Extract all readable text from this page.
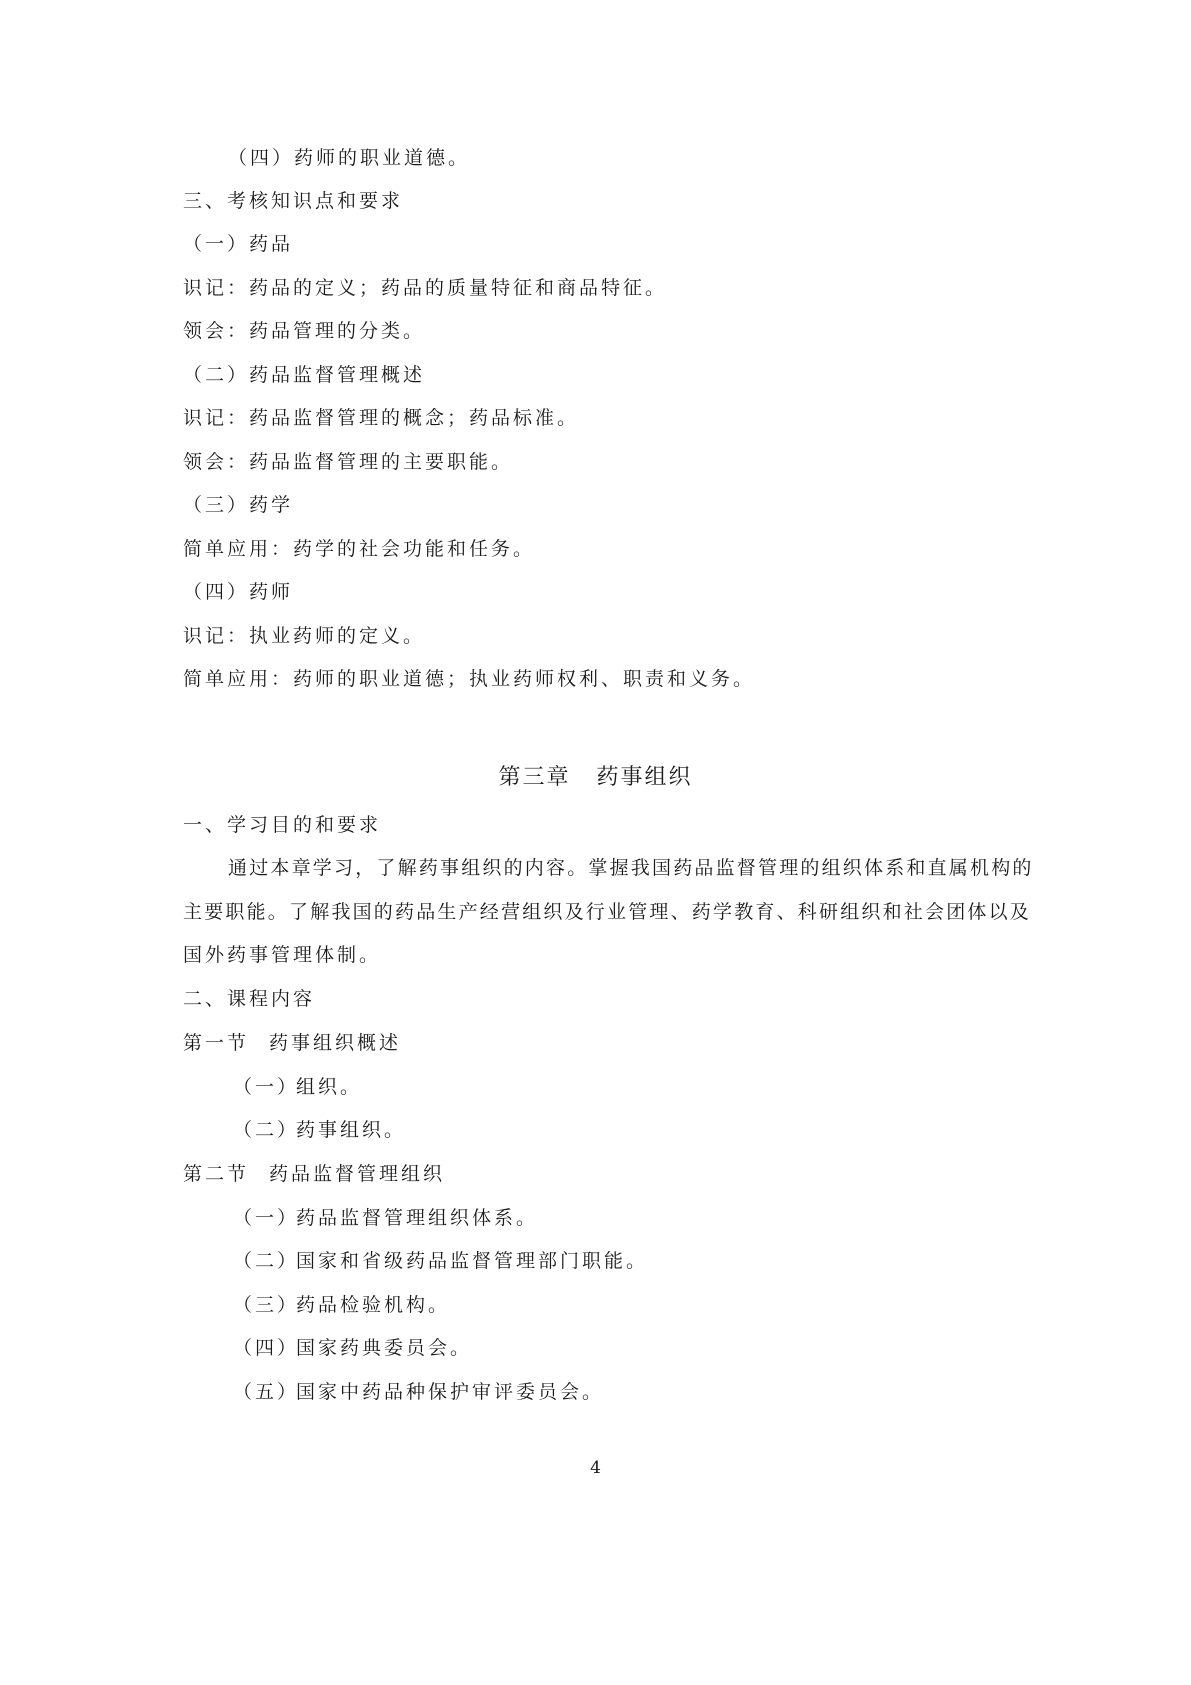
（四）药师的职业道德。

三、考核知识点和要求

（一）药品

识记：药品的定义；药品的质量特征和商品特征。

领会：药品管理的分类。

（二）药品监督管理概述

识记：药品监督管理的概念；药品标准。

领会：药品监督管理的主要职能。

（三）药学

简单应用：药学的社会功能和任务。

（四）药师

识记：执业药师的定义。

简单应用：药师的职业道德；执业药师权利、职责和义务。

第三章 药事组织

一、学习目的和要求

通过本章学习，了解药事组织的内容。掌握我国药品监督管理的组织体系和直属机构的

主要职能。了解我国的药品生产经营组织及行业管理、药学教育、科研组织和社会团体以及

国外药事管理体制。

二、课程内容

第一节 药事组织概述

（一）

组织。

（二）

药事组织。

第二节 药品监督管理组织

（一）

药品监督管理组织体系。

（二）

国家和省级药品监督管理部门职能。

（三）

药品检验机构。

（四）

国家药典委员会。

（五）

国家中药品种保护审评委员会。

4
